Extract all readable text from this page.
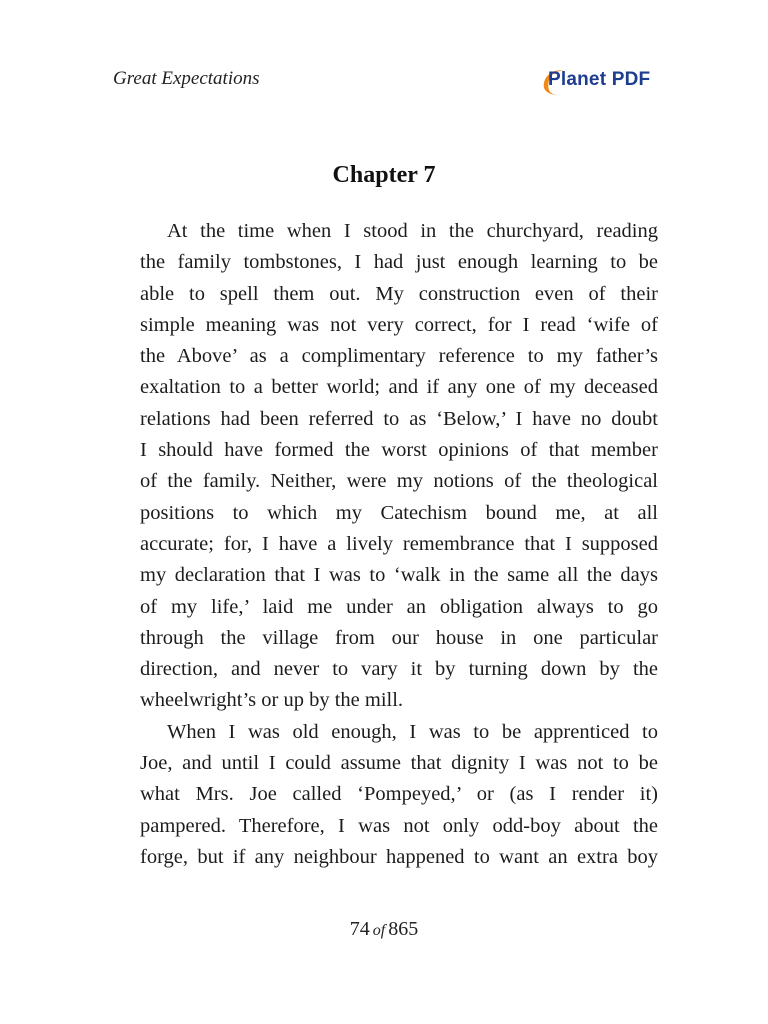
Great Expectations	Planet PDF
Chapter 7
At the time when I stood in the churchyard, reading
the family tombstones, I had just enough learning to be
able to spell them out. My construction even of their
simple meaning was not very correct, for I read ‘wife of
the Above’ as a complimentary reference to my father’s
exaltation to a better world; and if any one of my deceased
relations had been referred to as ‘Below,’ I have no doubt
I should have formed the worst opinions of that member
of the family. Neither, were my notions of the theological
positions to which my Catechism bound me, at all
accurate; for, I have a lively remembrance that I supposed
my declaration that I was to ‘walk in the same all the days
of my life,’ laid me under an obligation always to go
through the village from our house in one particular
direction, and never to vary it by turning down by the
wheelwright’s or up by the mill.
When I was old enough, I was to be apprenticed to
Joe, and until I could assume that dignity I was not to be
what Mrs. Joe called ‘Pompeyed,’ or (as I render it)
pampered. Therefore, I was not only odd-boy about the
forge, but if any neighbour happened to want an extra boy
74 of 865
